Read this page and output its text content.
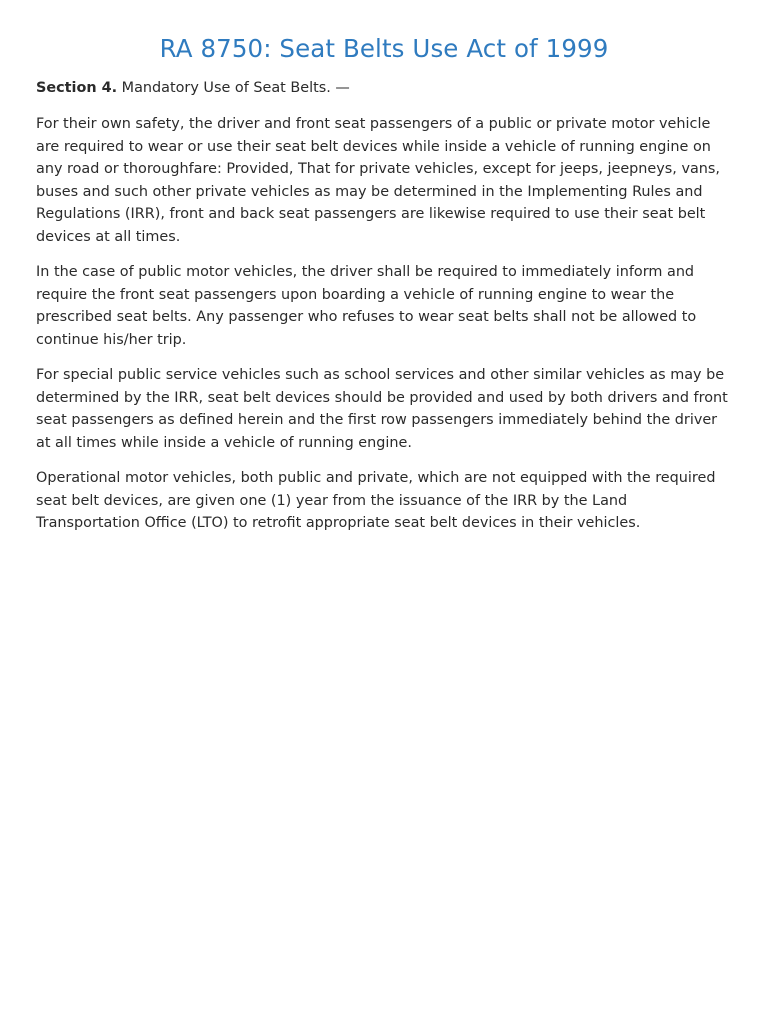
RA 8750: Seat Belts Use Act of 1999
Section 4. Mandatory Use of Seat Belts. —

For their own safety, the driver and front seat passengers of a public or private motor vehicle are required to wear or use their seat belt devices while inside a vehicle of running engine on any road or thoroughfare: Provided, That for private vehicles, except for jeeps, jeepneys, vans, buses and such other private vehicles as may be determined in the Implementing Rules and Regulations (IRR), front and back seat passengers are likewise required to use their seat belt devices at all times.

In the case of public motor vehicles, the driver shall be required to immediately inform and require the front seat passengers upon boarding a vehicle of running engine to wear the prescribed seat belts. Any passenger who refuses to wear seat belts shall not be allowed to continue his/her trip.

For special public service vehicles such as school services and other similar vehicles as may be determined by the IRR, seat belt devices should be provided and used by both drivers and front seat passengers as defined herein and the first row passengers immediately behind the driver at all times while inside a vehicle of running engine.

Operational motor vehicles, both public and private, which are not equipped with the required seat belt devices, are given one (1) year from the issuance of the IRR by the Land Transportation Office (LTO) to retrofit appropriate seat belt devices in their vehicles.
